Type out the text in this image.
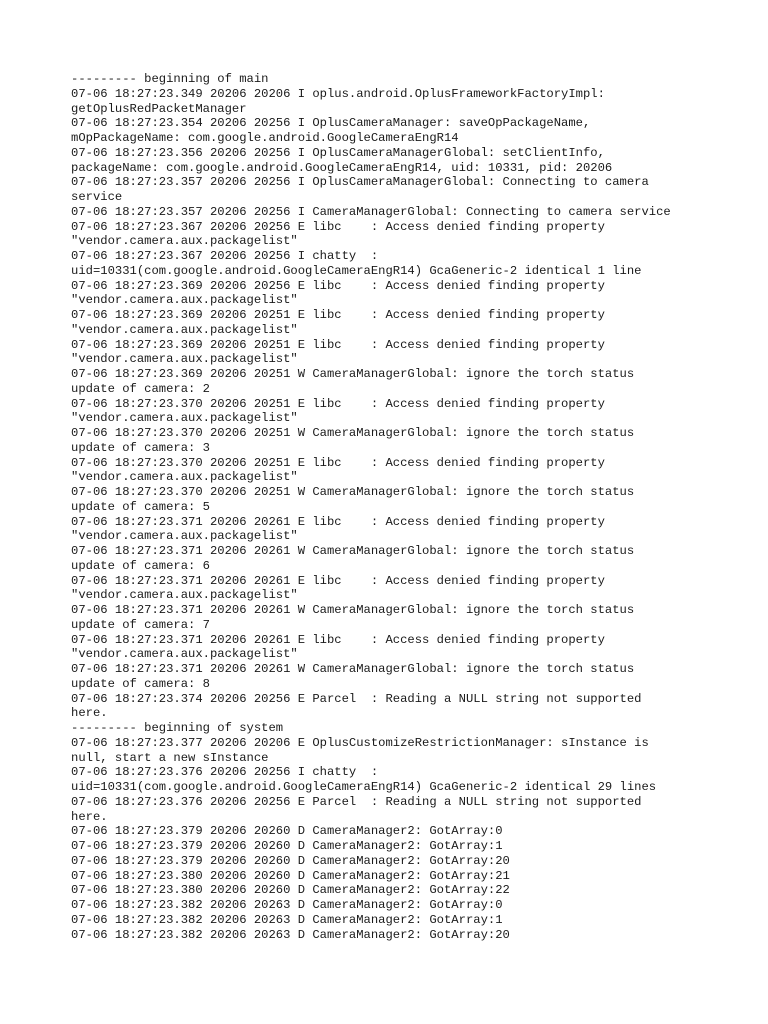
--------- beginning of main
07-06 18:27:23.349 20206 20206 I oplus.android.OplusFrameworkFactoryImpl:
getOplusRedPacketManager
07-06 18:27:23.354 20206 20256 I OplusCameraManager: saveOpPackageName,
mOpPackageName: com.google.android.GoogleCameraEngR14
07-06 18:27:23.356 20206 20256 I OplusCameraManagerGlobal: setClientInfo,
packageName: com.google.android.GoogleCameraEngR14, uid: 10331, pid: 20206
07-06 18:27:23.357 20206 20256 I OplusCameraManagerGlobal: Connecting to camera
service
07-06 18:27:23.357 20206 20256 I CameraManagerGlobal: Connecting to camera service
07-06 18:27:23.367 20206 20256 E libc    : Access denied finding property
"vendor.camera.aux.packagelist"
07-06 18:27:23.367 20206 20256 I chatty  :
uid=10331(com.google.android.GoogleCameraEngR14) GcaGeneric-2 identical 1 line
07-06 18:27:23.369 20206 20256 E libc    : Access denied finding property
"vendor.camera.aux.packagelist"
07-06 18:27:23.369 20206 20251 E libc    : Access denied finding property
"vendor.camera.aux.packagelist"
07-06 18:27:23.369 20206 20251 E libc    : Access denied finding property
"vendor.camera.aux.packagelist"
07-06 18:27:23.369 20206 20251 W CameraManagerGlobal: ignore the torch status
update of camera: 2
07-06 18:27:23.370 20206 20251 E libc    : Access denied finding property
"vendor.camera.aux.packagelist"
07-06 18:27:23.370 20206 20251 W CameraManagerGlobal: ignore the torch status
update of camera: 3
07-06 18:27:23.370 20206 20251 E libc    : Access denied finding property
"vendor.camera.aux.packagelist"
07-06 18:27:23.370 20206 20251 W CameraManagerGlobal: ignore the torch status
update of camera: 5
07-06 18:27:23.371 20206 20261 E libc    : Access denied finding property
"vendor.camera.aux.packagelist"
07-06 18:27:23.371 20206 20261 W CameraManagerGlobal: ignore the torch status
update of camera: 6
07-06 18:27:23.371 20206 20261 E libc    : Access denied finding property
"vendor.camera.aux.packagelist"
07-06 18:27:23.371 20206 20261 W CameraManagerGlobal: ignore the torch status
update of camera: 7
07-06 18:27:23.371 20206 20261 E libc    : Access denied finding property
"vendor.camera.aux.packagelist"
07-06 18:27:23.371 20206 20261 W CameraManagerGlobal: ignore the torch status
update of camera: 8
07-06 18:27:23.374 20206 20256 E Parcel  : Reading a NULL string not supported
here.
--------- beginning of system
07-06 18:27:23.377 20206 20206 E OplusCustomizeRestrictionManager: sInstance is
null, start a new sInstance
07-06 18:27:23.376 20206 20256 I chatty  :
uid=10331(com.google.android.GoogleCameraEngR14) GcaGeneric-2 identical 29 lines
07-06 18:27:23.376 20206 20256 E Parcel  : Reading a NULL string not supported
here.
07-06 18:27:23.379 20206 20260 D CameraManager2: GotArray:0
07-06 18:27:23.379 20206 20260 D CameraManager2: GotArray:1
07-06 18:27:23.379 20206 20260 D CameraManager2: GotArray:20
07-06 18:27:23.380 20206 20260 D CameraManager2: GotArray:21
07-06 18:27:23.380 20206 20260 D CameraManager2: GotArray:22
07-06 18:27:23.382 20206 20263 D CameraManager2: GotArray:0
07-06 18:27:23.382 20206 20263 D CameraManager2: GotArray:1
07-06 18:27:23.382 20206 20263 D CameraManager2: GotArray:20
